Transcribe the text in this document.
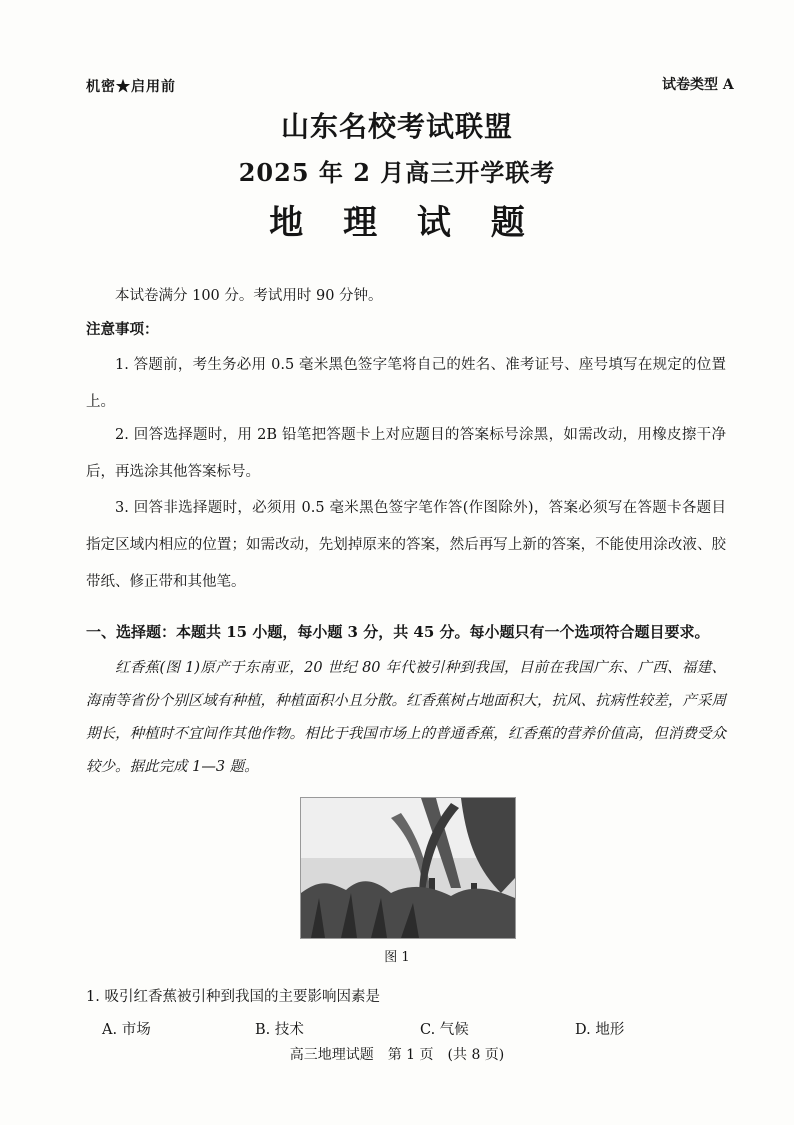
机密★启用前	试卷类型 A
山东名校考试联盟
2025 年 2 月高三开学联考
地 理 试 题
本试卷满分 100 分。考试用时 90 分钟。
注意事项：
1. 答题前，考生务必用 0.5 毫米黑色签字笔将自己的姓名、准考证号、座号填写在规定的位置上。
2. 回答选择题时，用 2B 铅笔把答题卡上对应题目的答案标号涂黑，如需改动，用橡皮擦干净后，再选涂其他答案标号。
3. 回答非选择题时，必须用 0.5 毫米黑色签字笔作答(作图除外)，答案必须写在答题卡各题目指定区域内相应的位置；如需改动，先划掉原来的答案，然后再写上新的答案，不能使用涂改液、胶带纸、修正带和其他笔。
一、选择题：本题共 15 小题，每小题 3 分，共 45 分。每小题只有一个选项符合题目要求。
红香蕉(图 1)原产于东南亚，20 世纪 80 年代被引种到我国，目前在我国广东、广西、福建、海南等省份个别区域有种植，种植面积小且分散。红香蕉树占地面积大，抗风、抗病性较差，产采周期长，种植时不宜间作其他作物。相比于我国市场上的普通香蕉，红香蕉的营养价值高，但消费受众较少。据此完成 1—3 题。
图 1
1. 吸引红香蕉被引种到我国的主要影响因素是
A. 市场	B. 技术	C. 气候	D. 地形
高三地理试题　第 1 页　(共 8 页)
